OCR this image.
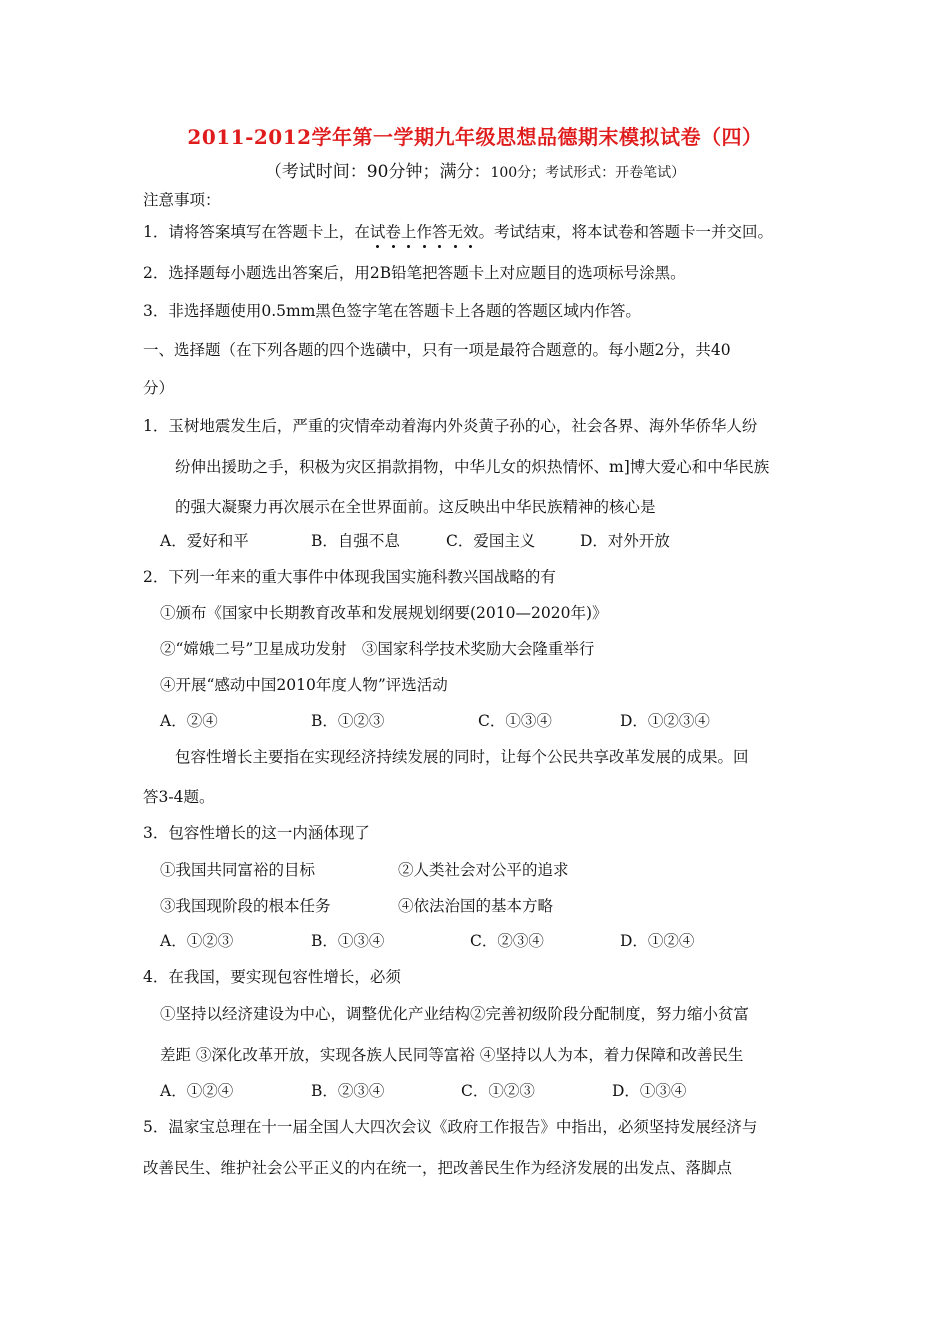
2011-2012学年第一学期九年级思想品德期末模拟试卷（四）
（考试时间：90分钟；满分：100分；考试形式：开卷笔试）
注意事项：
1．请将答案填写在答题卡上，在试卷上作答无效。考试结束，将本试卷和答题卡一并交回。
2．选择题每小题选出答案后，用2B铅笔把答题卡上对应题目的选项标号涂黑。
3．非选择题使用0.5mm黑色签字笔在答题卡上各题的答题区域内作答。
一、选择题（在下列各题的四个选磺中，只有一项是最符合题意的。每小题2分，共40
分）
1．玉树地震发生后，严重的灾情牵动着海内外炎黄子孙的心，社会各界、海外华侨华人纷
纷伸出援助之手，积极为灾区捐款捐物，中华儿女的炽热情怀、m]博大爱心和中华民族
的强大凝聚力再次展示在全世界面前。这反映出中华民族精神的核心是
A．爱好和平	B．自强不息	C．爱国主义	D．对外开放
2．下列一年来的重大事件中体现我国实施科教兴国战略的有
①颁布《国家中长期教育改革和发展规划纲要(2010—2020年)》
②“嫦娥二号”卫星成功发射　③国家科学技术奖励大会隆重举行
④开展“感动中国2010年度人物”评选活动
A．②④	B．①②③	C．①③④	D．①②③④
包容性增长主要指在实现经济持续发展的同时，让每个公民共享改革发展的成果。回
答3-4题。
3．包容性增长的这一内涵体现了
①我国共同富裕的目标	②人类社会对公平的追求
③我国现阶段的根本任务	④依法治国的基本方略
A．①②③	B．①③④	C．②③④	D．①②④
4．在我国，要实现包容性增长，必须
①坚持以经济建设为中心，调整优化产业结构②完善初级阶段分配制度，努力缩小贫富
差距 ③深化改革开放，实现各族人民同等富裕 ④坚持以人为本，着力保障和改善民生
A．①②④	B．②③④	C．①②③	D．①③④
5．温家宝总理在十一届全国人大四次会议《政府工作报告》中指出，必须坚持发展经济与
改善民生、维护社会公平正义的内在统一，把改善民生作为经济发展的出发点、落脚点
